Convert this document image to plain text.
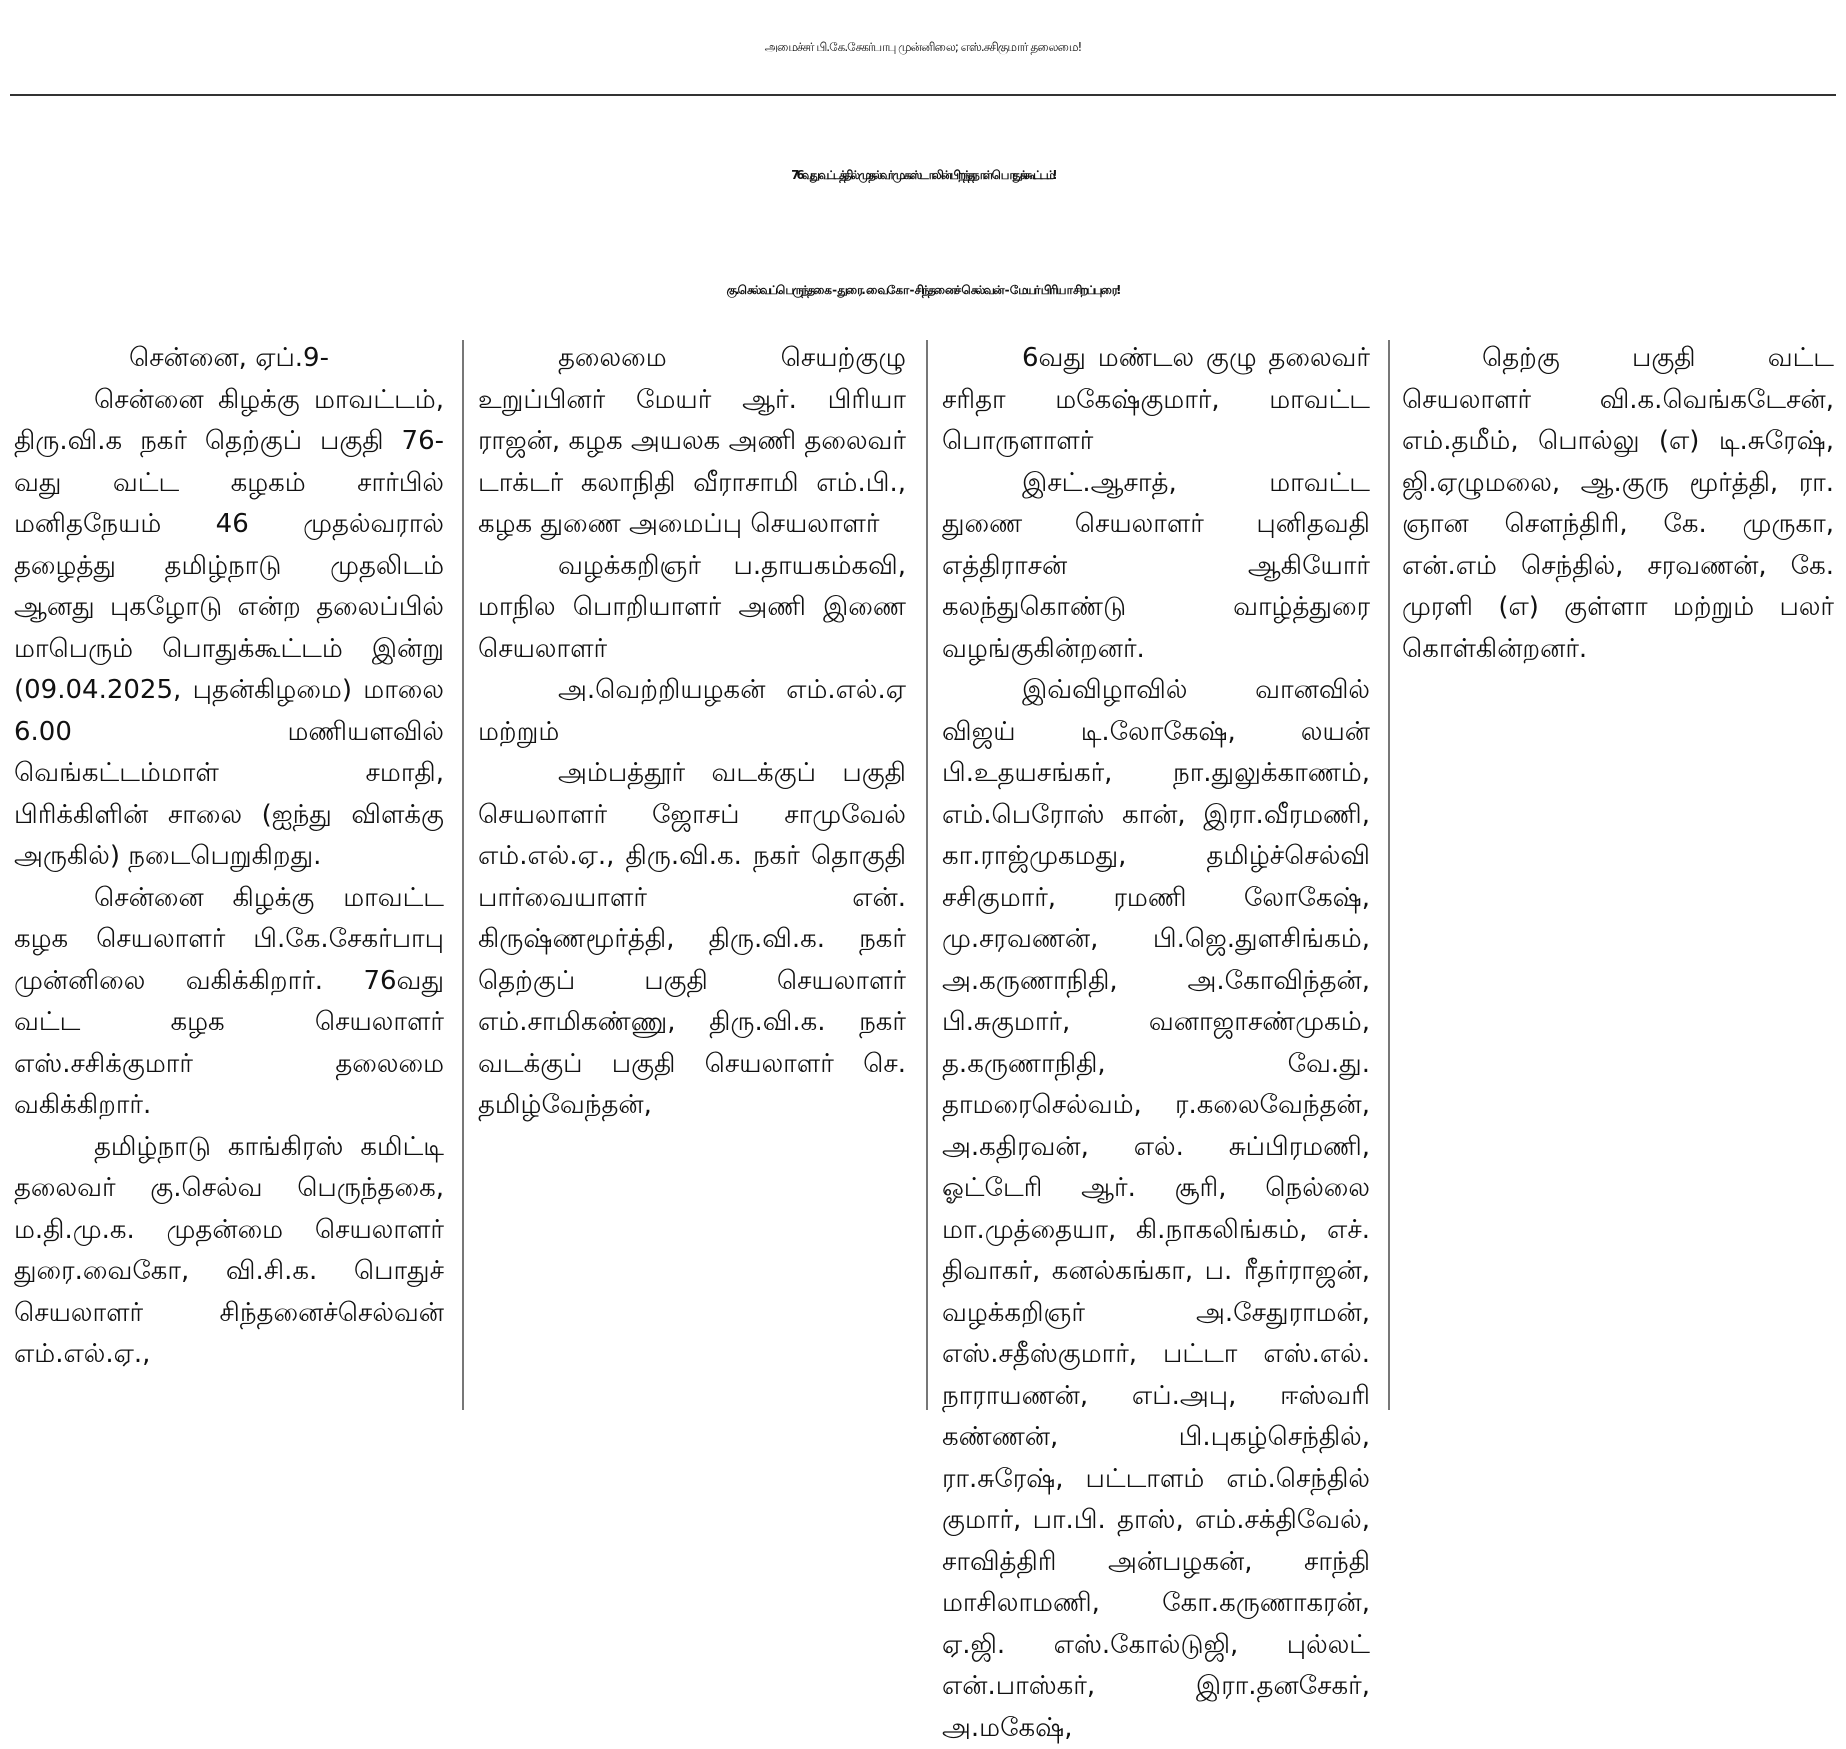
அமைச்சர் பி.கே.சேகர்பாபு முன்னிலை; எஸ்.சசிகுமார் தலைமை!
76வது வட்டத்தில் முதல்வர் மு.க.ஸ்டாலின் பிறந்தநாள் பொதுக்கூட்டம்!
கு.செல்வப்பெருந்தகை - துரை. வைகோ - சிந்தனைச் செல்வன் - மேயர் பிரியா சிறப்புரை!

சென்னை, ஏப்.9-

சென்னை கிழக்கு மாவட்டம், திரு.வி.க நகர் தெற்குப் பகுதி 76-வது வட்ட கழகம் சார்பில் மனிதநேயம் 46 முதல்வரால் தழைத்து தமிழ்நாடு முதலிடம் ஆனது புகழோடு என்ற தலைப்பில் மாபெரும் பொதுக்கூட்டம் இன்று (09.04.2025, புதன்கிழமை) மாலை 6.00 மணியளவில் வெங்கட்டம்மாள் சமாதி, பிரிக்கிளின் சாலை (ஐந்து விளக்கு அருகில்) நடைபெறுகிறது.

சென்னை கிழக்கு மாவட்ட கழக செயலாளர் பி.கே.சேகர்பாபு முன்னிலை வகிக்கிறார். 76வது வட்ட கழக செயலாளர் எஸ்.சசிக்குமார் தலைமை வகிக்கிறார்.

தமிழ்நாடு காங்கிரஸ் கமிட்டி தலைவர் கு.செல்வ பெருந்தகை, ம.தி.மு.க. முதன்மை செயலாளர் துரை.வைகோ, வி.சி.க. பொதுச் செயலாளர் சிந்தனைச்செல்வன் எம்.எல்.ஏ.,

தலைமை செயற்குழு உறுப்பினர் மேயர் ஆர். பிரியா ராஜன், கழக அயலக அணி தலைவர் டாக்டர் கலாநிதி வீராசாமி எம்.பி., கழக துணை அமைப்பு செயலாளர்

வழக்கறிஞர் ப.தாயகம்கவி, மாநில பொறியாளர் அணி இணை செயலாளர்

அ.வெற்றியழகன் எம்.எல்.ஏ மற்றும்

அம்பத்தூர் வடக்குப் பகுதி செயலாளர் ஜோசப் சாமுவேல் எம்.எல்.ஏ., திரு.வி.க. நகர் தொகுதி பார்வையாளர் என். கிருஷ்ணமூர்த்தி, திரு.வி.க. நகர் தெற்குப் பகுதி செயலாளர் எம்.சாமிகண்ணு, திரு.வி.க. நகர் வடக்குப் பகுதி செயலாளர் செ. தமிழ்வேந்தன்,

6வது மண்டல குழு தலைவர் சரிதா மகேஷ்குமார், மாவட்ட பொருளாளர்

இசட்.ஆசாத், மாவட்ட துணை செயலாளர் புனிதவதி எத்திராசன் ஆகியோர் கலந்துகொண்டு வாழ்த்துரை வழங்குகின்றனர்.

இவ்விழாவில் வானவில் விஜய் டி.லோகேஷ், லயன் பி.உதயசங்கர், நா.துலுக்காணம், எம்.பெரோஸ் கான், இரா.வீரமணி, கா.ராஜ்முகமது, தமிழ்ச்செல்வி சசிகுமார், ரமணி லோகேஷ், மு.சரவணன், பி.ஜெ.துளசிங்கம், அ.கருணாநிதி, அ.கோவிந்தன், பி.சுகுமார், வனாஜாசண்முகம், த.கருணாநிதி, வே.து. தாமரைசெல்வம், ர.கலைவேந்தன், அ.கதிரவன், எல். சுப்பிரமணி, ஓட்டேரி ஆர். சூரி, நெல்லை மா.முத்தையா, கி.நாகலிங்கம், எச். திவாகர், கனல்கங்கா, ப. ரீதர்ராஜன், வழக்கறிஞர் அ.சேதுராமன், எஸ்.சதீஸ்குமார், பட்டா எஸ்.எல். நாராயணன், எப்.அபு, ஈஸ்வரி கண்ணன், பி.புகழ்செந்தில், ரா.சுரேஷ், பட்டாளம் எம்.செந்தில் குமார், பா.பி. தாஸ், எம்.சக்திவேல், சாவித்திரி அன்பழகன், சாந்தி மாசிலாமணி, கோ.கருணாகரன், ஏ.ஜி. எஸ்.கோல்டுஜி, புல்லட் என்.பாஸ்கர், இரா.தனசேகர், அ.மகேஷ்,

தெற்கு பகுதி வட்ட செயலாளர் வி.க.வெங்கடேசன், எம்.தமீம், பொல்லு (எ) டி.சுரேஷ், ஜி.ஏழுமலை, ஆ.குரு மூர்த்தி, ரா. ஞான சௌந்திரி, கே. முருகா, என்.எம் செந்தில், சரவணன், கே. முரளி (எ) குள்ளா மற்றும் பலர் கொள்கின்றனர்.
